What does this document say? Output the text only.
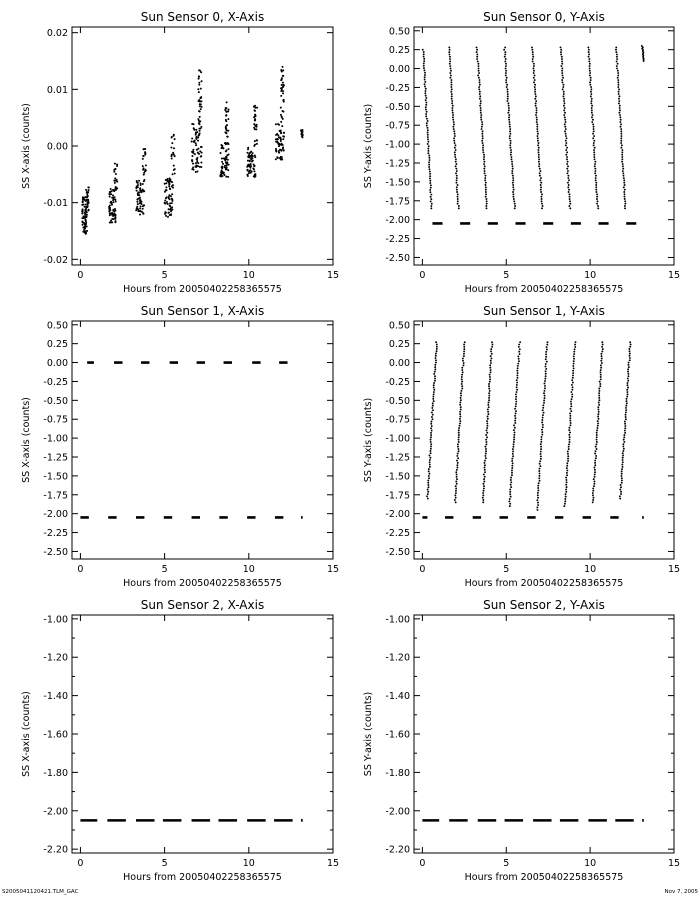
Sun Sensor 0, X-Axis
0	5	10	15
-0.02
-0.01
0.00
0.01
0.02
Hours from 20050402258365575
SS X-axis (counts)
Sun Sensor 0, Y-Axis
0	5	10	15
0.50
0.25
0.00
-0.25
-0.50
-0.75
-1.00
-1.25
-1.50
-1.75
-2.00
-2.25
-2.50
Hours from 20050402258365575
SS Y-axis (counts)
Sun Sensor 1, X-Axis
0	5	10	15
0.50
0.25
0.00
-0.25
-0.50
-0.75
-1.00
-1.25
-1.50
-1.75
-2.00
-2.25
-2.50
Hours from 20050402258365575
SS X-axis (counts)
Sun Sensor 1, Y-Axis
0	5	10	15
0.50
0.25
0.00
-0.25
-0.50
-0.75
-1.00
-1.25
-1.50
-1.75
-2.00
-2.25
-2.50
Hours from 20050402258365575
SS Y-axis (counts)
Sun Sensor 2, X-Axis
0	5	10	15
-1.00
-1.20
-1.40
-1.60
-1.80
-2.00
-2.20
Hours from 20050402258365575
SS X-axis (counts)
Sun Sensor 2, Y-Axis
0	5	10	15
-1.00
-1.20
-1.40
-1.60
-1.80
-2.00
-2.20
Hours from 20050402258365575
SS Y-axis (counts)
S2005041120421.TLM_GAC	Nov 7, 2005
